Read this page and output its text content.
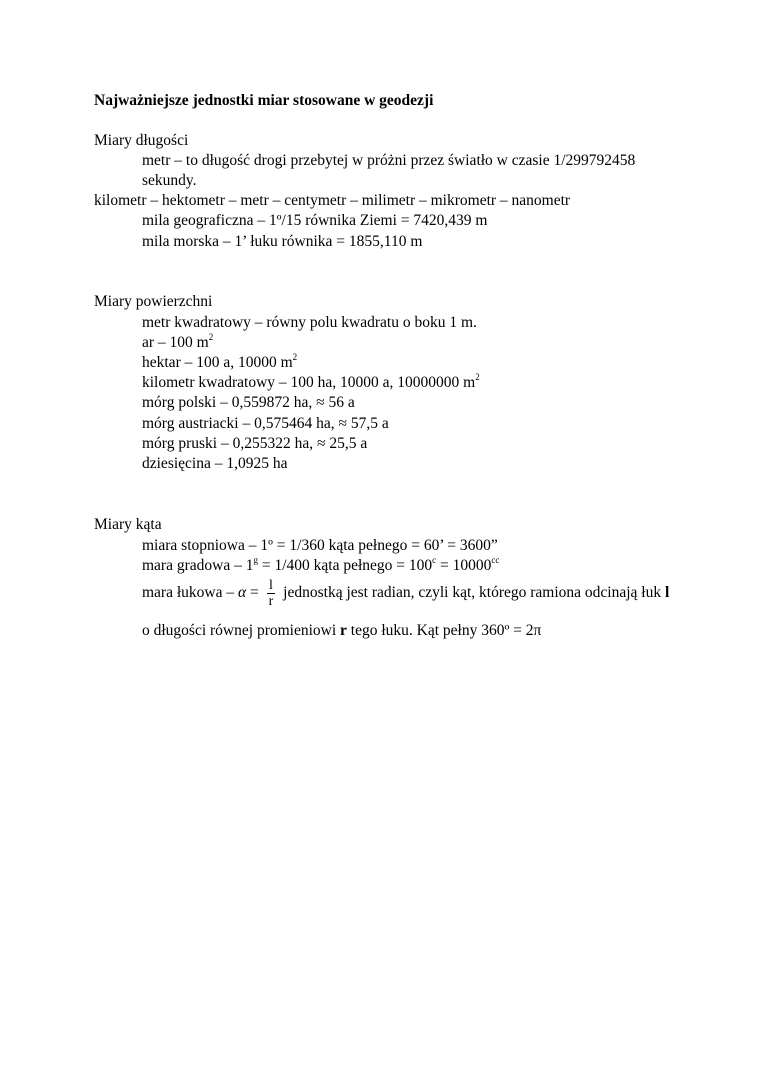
Najważniejsze jednostki miar stosowane w geodezji
Miary długości
metr – to długość drogi przebytej w próżni przez światło w czasie 1/299792458
sekundy.
kilometr – hektometr – metr – centymetr – milimetr – mikrometr – nanometr
mila geograficzna – 1º/15 równika Ziemi = 7420,439 m
mila morska – 1’ łuku równika = 1855,110 m
Miary powierzchni
metr kwadratowy – równy polu kwadratu o boku 1 m.
ar – 100 $m^2$
hektar – 100 a, 10000 $m^2$
kilometr kwadratowy – 100 ha, 10000 a, 10000000 $m^2$
mórg polski – 0,559872 ha, ≈ 56 a
mórg austriacki – 0,575464 ha, ≈ 57,5 a
mórg pruski – 0,255322 ha, ≈ 25,5 a
dziesięcina – 1,0925 ha
Miary kąta
miara stopniowa – 1º = 1/360 kąta pełnego = 60’ = 3600”
mara gradowa – $1^g = 1/400$ kąta pełnego = $100^c = 10000^{cc}$
mara łukowa – $\alpha = \frac{l}{r}$ jednostką jest radian, czyli kąt, którego ramiona odcinają łuk l
o długości równej promieniowi r tego łuku. Kąt pełny 360º = 2π
